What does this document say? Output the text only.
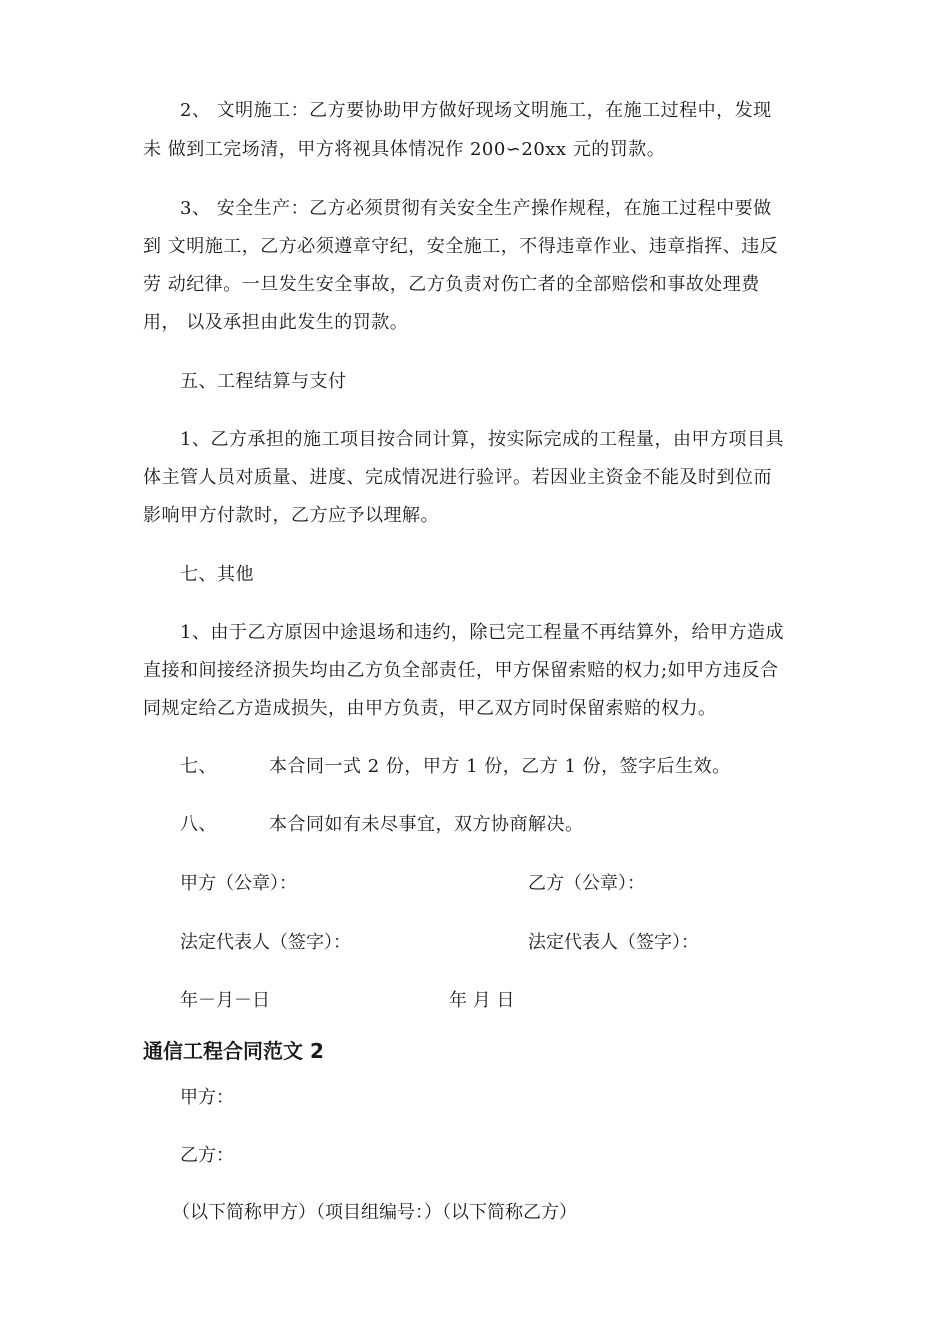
2、 文明施工：乙方要协助甲方做好现场文明施工，在施工过程中，发现
未 做到工完场清，甲方将视具体情况作 200∽20xx 元的罚款。
3、 安全生产：乙方必须贯彻有关安全生产操作规程，在施工过程中要做
到 文明施工，乙方必须遵章守纪，安全施工，不得违章作业、违章指挥、违反
劳 动纪律。一旦发生安全事故，乙方负责对伤亡者的全部赔偿和事故处理费
用， 以及承担由此发生的罚款。
五、工程结算与支付
1、乙方承担的施工项目按合同计算，按实际完成的工程量，由甲方项目具
体主管人员对质量、进度、完成情况进行验评。若因业主资金不能及时到位而
影响甲方付款时，乙方应予以理解。
七、其他
1、由于乙方原因中途退场和违约，除已完工程量不再结算外，给甲方造成
直接和间接经济损失均由乙方负全部责任，甲方保留索赔的权力;如甲方违反合
同规定给乙方造成损失，由甲方负责，甲乙双方同时保留索赔的权力。
七、	本合同一式 2 份，甲方 1 份，乙方 1 份，签字后生效。
八、	本合同如有未尽事宜，双方协商解决。
甲方（公章）：	乙方（公章）：
法定代表人（签字）：	法定代表人（签字）：
年－月－日	年 月 日
通信工程合同范文 2
甲方：
乙方：
（以下简称甲方）（项目组编号：）（以下简称乙方）
